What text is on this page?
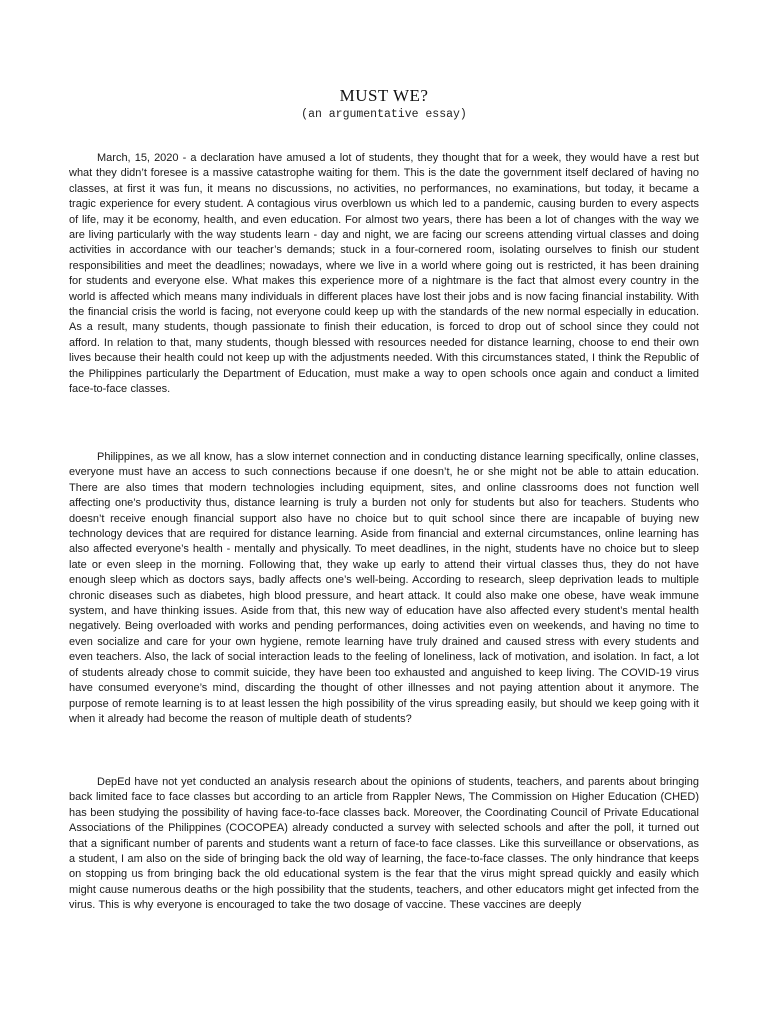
MUST WE?

(an argumentative essay)

March, 15, 2020 - a declaration have amused a lot of students, they thought that for a week, they would have a rest but what they didn’t foresee is a massive catastrophe waiting for them. This is the date the government itself declared of having no classes, at first it was fun, it means no discussions, no activities, no performances, no examinations, but today, it became a tragic experience for every student. A contagious virus overblown us which led to a pandemic, causing burden to every aspects of life, may it be economy, health, and even education. For almost two years, there has been a lot of changes with the way we are living particularly with the way students learn - day and night, we are facing our screens attending virtual classes and doing activities in accordance with our teacher’s demands; stuck in a four-cornered room, isolating ourselves to finish our student responsibilities and meet the deadlines; nowadays, where we live in a world where going out is restricted, it has been draining for students and everyone else. What makes this experience more of a nightmare is the fact that almost every country in the world is affected which means many individuals in different places have lost their jobs and is now facing financial instability. With the financial crisis the world is facing, not everyone could keep up with the standards of the new normal especially in education. As a result, many students, though passionate to finish their education, is forced to drop out of school since they could not afford. In relation to that, many students, though blessed with resources needed for distance learning, choose to end their own lives because their health could not keep up with the adjustments needed. With this circumstances stated, I think the Republic of the Philippines particularly the Department of Education, must make a way to open schools once again and conduct a limited face-to-face classes.

Philippines, as we all know, has a slow internet connection and in conducting distance learning specifically, online classes, everyone must have an access to such connections because if one doesn’t, he or she might not be able to attain education. There are also times that modern technologies including equipment, sites, and online classrooms does not function well affecting one’s productivity thus, distance learning is truly a burden not only for students but also for teachers. Students who doesn’t receive enough financial support also have no choice but to quit school since there are incapable of buying new technology devices that are required for distance learning. Aside from financial and external circumstances, online learning has also affected everyone’s health - mentally and physically. To meet deadlines, in the night, students have no choice but to sleep late or even sleep in the morning. Following that, they wake up early to attend their virtual classes thus, they do not have enough sleep which as doctors says, badly affects one’s well-being. According to research, sleep deprivation leads to multiple chronic diseases such as diabetes, high blood pressure, and heart attack. It could also make one obese, have weak immune system, and have thinking issues. Aside from that, this new way of education have also affected every student’s mental health negatively. Being overloaded with works and pending performances, doing activities even on weekends, and having no time to even socialize and care for your own hygiene, remote learning have truly drained and caused stress with every students and even teachers. Also, the lack of social interaction leads to the feeling of loneliness, lack of motivation, and isolation. In fact, a lot of students already chose to commit suicide, they have been too exhausted and anguished to keep living. The COVID-19 virus have consumed everyone’s mind, discarding the thought of other illnesses and not paying attention about it anymore. The purpose of remote learning is to at least lessen the high possibility of the virus spreading easily, but should we keep going with it when it already had become the reason of multiple death of students?

DepEd have not yet conducted an analysis research about the opinions of students, teachers, and parents about bringing back limited face to face classes but according to an article from Rappler News, The Commission on Higher Education (CHED) has been studying the possibility of having face-to-face classes back. Moreover, the Coordinating Council of Private Educational Associations of the Philippines (COCOPEA) already conducted a survey with selected schools and after the poll, it turned out that a significant number of parents and students want a return of face-to face classes. Like this surveillance or observations, as a student, I am also on the side of bringing back the old way of learning, the face-to-face classes. The only hindrance that keeps on stopping us from bringing back the old educational system is the fear that the virus might spread quickly and easily which might cause numerous deaths or the high possibility that the students, teachers, and other educators might get infected from the virus. This is why everyone is encouraged to take the two dosage of vaccine. These vaccines are deeply
